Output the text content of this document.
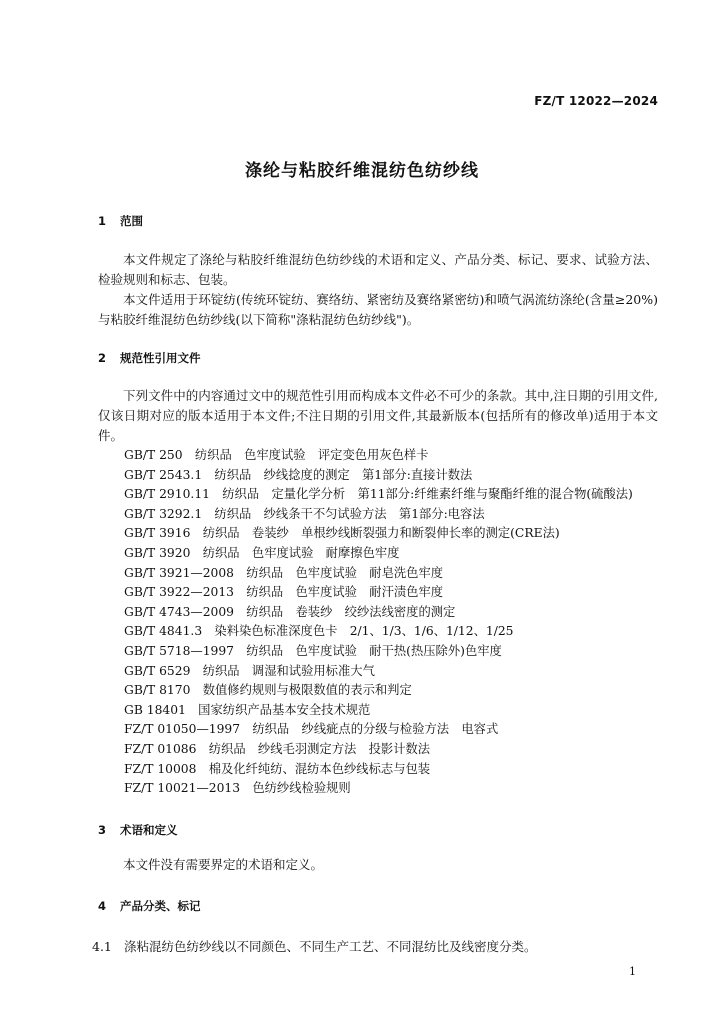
FZ/T 12022—2024
涤纶与粘胶纤维混纺色纺纱线
1 范围

本文件规定了涤纶与粘胶纤维混纺色纺纱线的术语和定义、产品分类、标记、要求、试验方法、检验规则和标志、包装。

本文件适用于环锭纺(传统环锭纺、赛络纺、紧密纺及赛络紧密纺)和喷气涡流纺涤纶(含量≥20%)与粘胶纤维混纺色纺纱线(以下简称"涤粘混纺色纺纱线")。

2 规范性引用文件

下列文件中的内容通过文中的规范性引用而构成本文件必不可少的条款。其中,注日期的引用文件,仅该日期对应的版本适用于本文件;不注日期的引用文件,其最新版本(包括所有的修改单)适用于本文件。

GB/T 250　纺织品　色牢度试验　评定变色用灰色样卡
GB/T 2543.1　纺织品　纱线捻度的测定　第1部分:直接计数法
GB/T 2910.11　纺织品　定量化学分析　第11部分:纤维素纤维与聚酯纤维的混合物(硫酸法)
GB/T 3292.1　纺织品　纱线条干不匀试验方法　第1部分:电容法
GB/T 3916　纺织品　卷装纱　单根纱线断裂强力和断裂伸长率的测定(CRE法)
GB/T 3920　纺织品　色牢度试验　耐摩擦色牢度
GB/T 3921—2008　纺织品　色牢度试验　耐皂洗色牢度
GB/T 3922—2013　纺织品　色牢度试验　耐汗渍色牢度
GB/T 4743—2009　纺织品　卷装纱　绞纱法线密度的测定
GB/T 4841.3　染料染色标准深度色卡　2/1、1/3、1/6、1/12、1/25
GB/T 5718—1997　纺织品　色牢度试验　耐干热(热压除外)色牢度
GB/T 6529　纺织品　调湿和试验用标准大气
GB/T 8170　数值修约规则与极限数值的表示和判定
GB 18401　国家纺织产品基本安全技术规范
FZ/T 01050—1997　纺织品　纱线疵点的分级与检验方法　电容式
FZ/T 01086　纺织品　纱线毛羽测定方法　投影计数法
FZ/T 10008　棉及化纤纯纺、混纺本色纱线标志与包装
FZ/T 10021—2013　色纺纱线检验规则
3 术语和定义

本文件没有需要界定的术语和定义。

4 产品分类、标记
4.1 涤粘混纺色纺纱线以不同颜色、不同生产工艺、不同混纺比及线密度分类。
1
